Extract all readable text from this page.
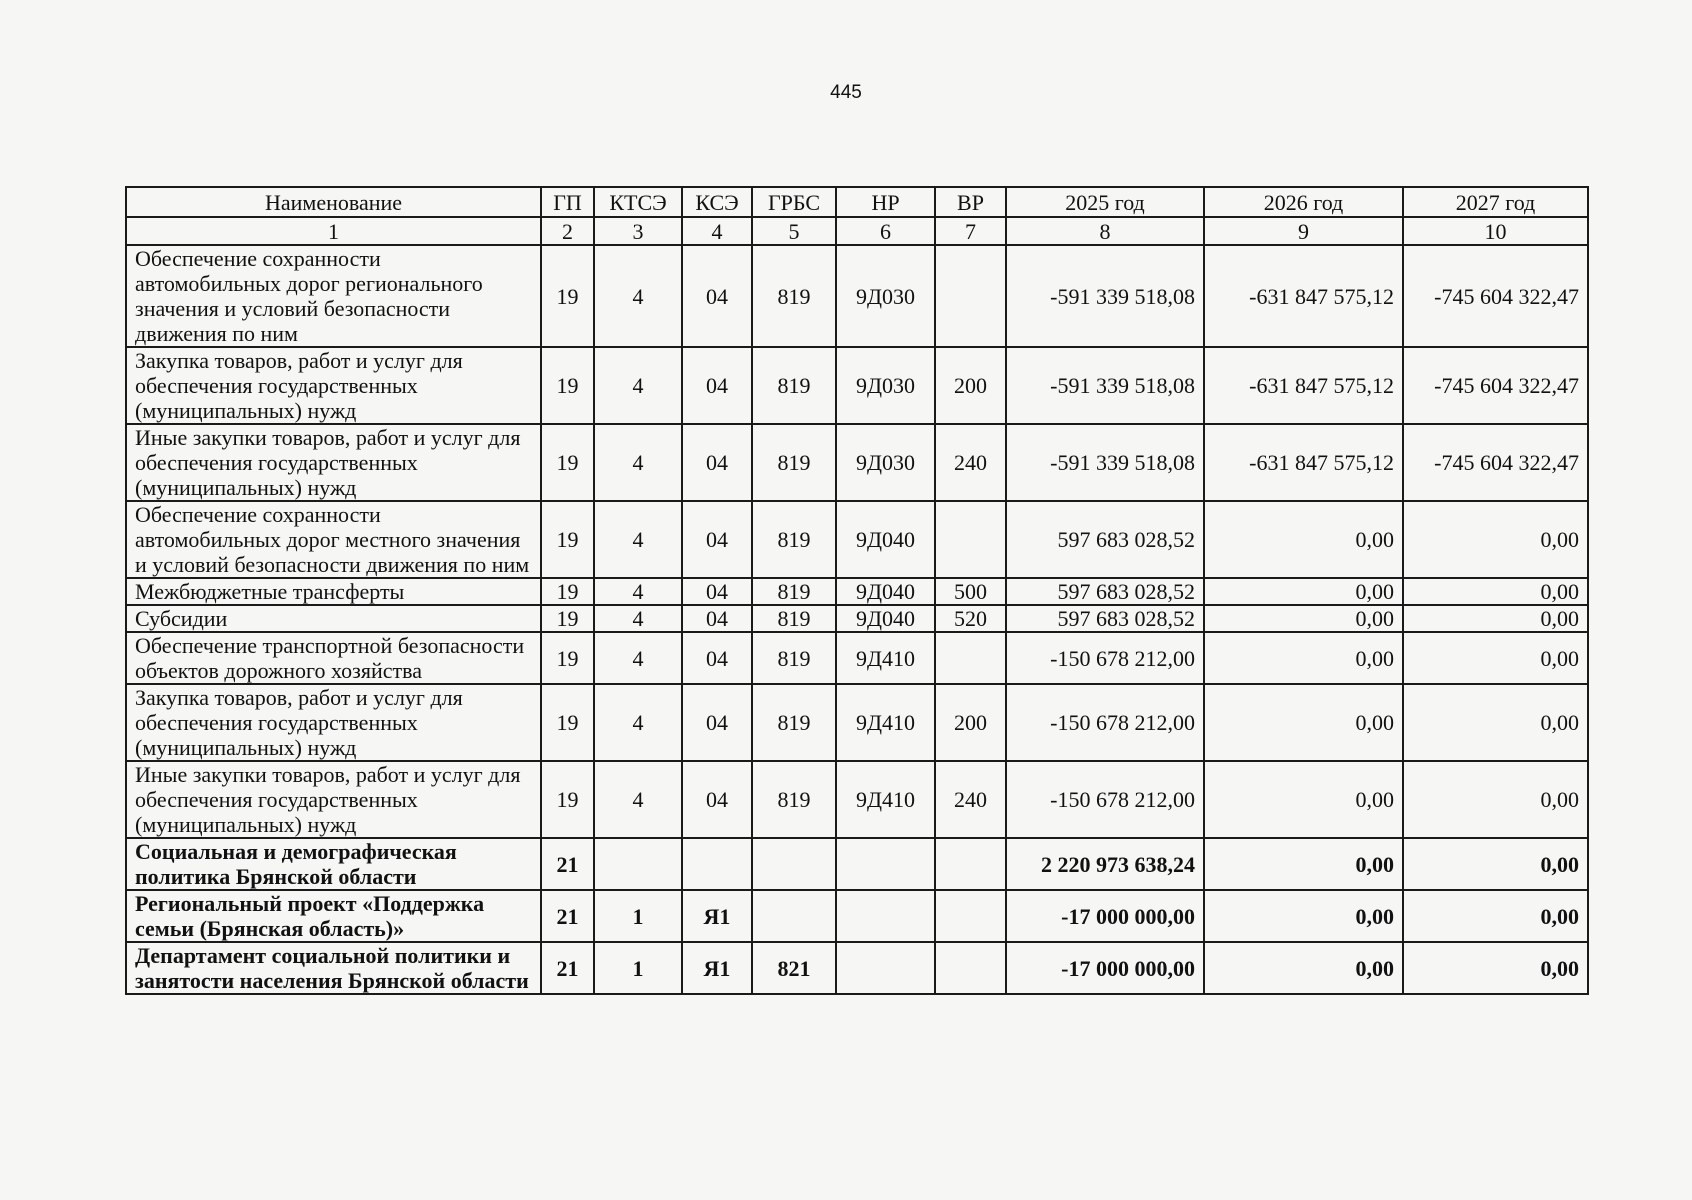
445
Наименование	ГП	КТСЭ	КСЭ	ГРБС	НР	ВР	2025 год	2026 год	2027 год
1	2	3	4	5	6	7	8	9	10
Обеспечение сохранности автомобильных дорог регионального значения и условий безопасности движения по ним	19	4	04	819	9Д030		-591 339 518,08	-631 847 575,12	-745 604 322,47
Закупка товаров, работ и услуг для обеспечения государственных (муниципальных) нужд	19	4	04	819	9Д030	200	-591 339 518,08	-631 847 575,12	-745 604 322,47
Иные закупки товаров, работ и услуг для обеспечения государственных (муниципальных) нужд	19	4	04	819	9Д030	240	-591 339 518,08	-631 847 575,12	-745 604 322,47
Обеспечение сохранности автомобильных дорог местного значения и условий безопасности движения по ним	19	4	04	819	9Д040		597 683 028,52	0,00	0,00
Межбюджетные трансферты	19	4	04	819	9Д040	500	597 683 028,52	0,00	0,00
Субсидии	19	4	04	819	9Д040	520	597 683 028,52	0,00	0,00
Обеспечение транспортной безопасности объектов дорожного хозяйства	19	4	04	819	9Д410		-150 678 212,00	0,00	0,00
Закупка товаров, работ и услуг для обеспечения государственных (муниципальных) нужд	19	4	04	819	9Д410	200	-150 678 212,00	0,00	0,00
Иные закупки товаров, работ и услуг для обеспечения государственных (муниципальных) нужд	19	4	04	819	9Д410	240	-150 678 212,00	0,00	0,00
Социальная и демографическая политика Брянской области	21						2 220 973 638,24	0,00	0,00
Региональный проект «Поддержка семьи (Брянская область)»	21	1	Я1				-17 000 000,00	0,00	0,00
Департамент социальной политики и занятости населения Брянской области	21	1	Я1	821			-17 000 000,00	0,00	0,00
